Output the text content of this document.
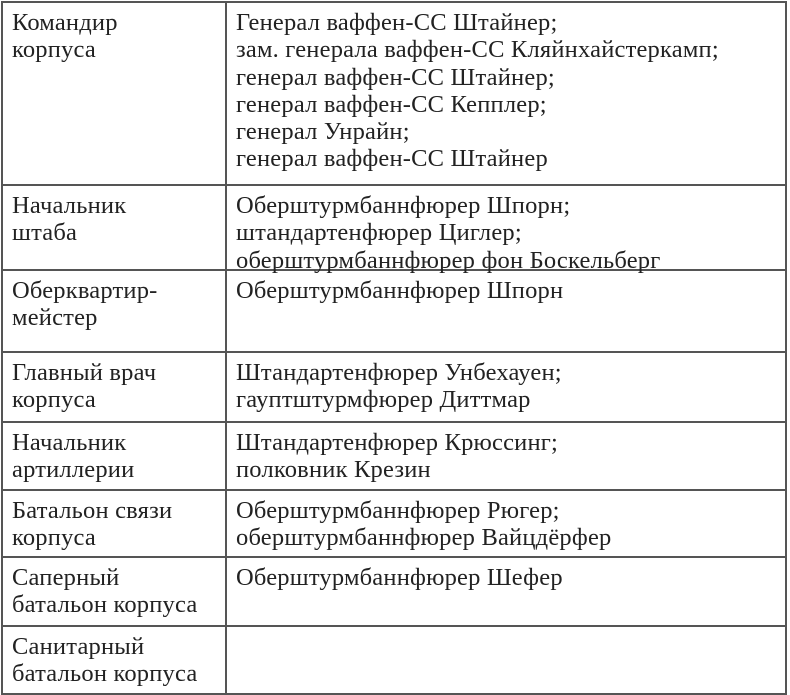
Командир
корпуса
Генерал ваффен-СС Штайнер;
зам. генерала ваффен-СС Кляйнхайстеркамп;
генерал ваффен-СС Штайнер;
генерал ваффен-СС Кепплер;
генерал Унрайн;
генерал ваффен-СС Штайнер
Начальник
штаба
Оберштурмбаннфюрер Шпорн;
штандартенфюрер Циглер;
оберштурмбаннфюрер фон Боскельберг
Оберквартир-
мейстер
Оберштурмбаннфюрер Шпорн
Главный врач
корпуса
Штандартенфюрер Унбехауен;
гауптштурмфюрер Диттмар
Начальник
артиллерии
Штандартенфюрер Крюссинг;
полковник Крезин
Батальон связи
корпуса
Оберштурмбаннфюрер Рюгер;
оберштурмбаннфюрер Вайцдёрфер
Саперный
батальон корпуса
Оберштурмбаннфюрер Шефер
Санитарный
батальон корпуса
